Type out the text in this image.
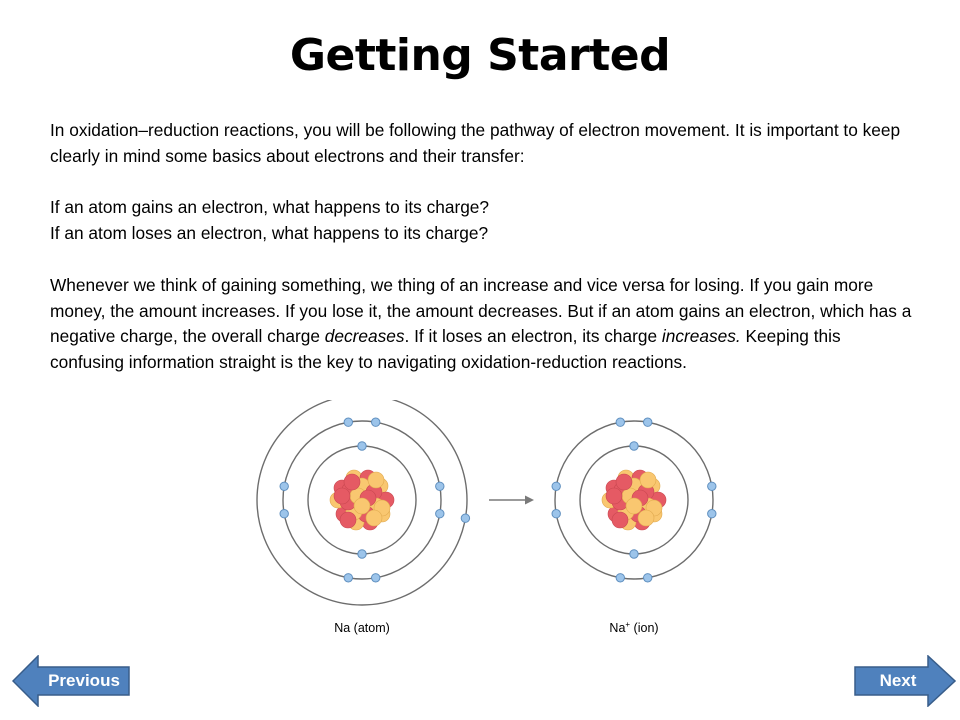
Getting Started

In oxidation–reduction reactions, you will be following the pathway of electron movement. It is important to keep clearly in mind some basics about electrons and their transfer:

If an atom gains an electron, what happens to its charge?

If an atom loses an electron, what happens to its charge?

Whenever we think of gaining something, we thing of an increase and vice versa for losing. If you gain more money, the amount increases. If you lose it, the amount decreases. But if an atom gains an electron, which has a negative charge, the overall charge decreases. If it loses an electron, its charge increases. Keeping this confusing information straight is the key to navigating oxidation-reduction reactions.

Na (atom)	Na+ (ion)
Previous	Next
